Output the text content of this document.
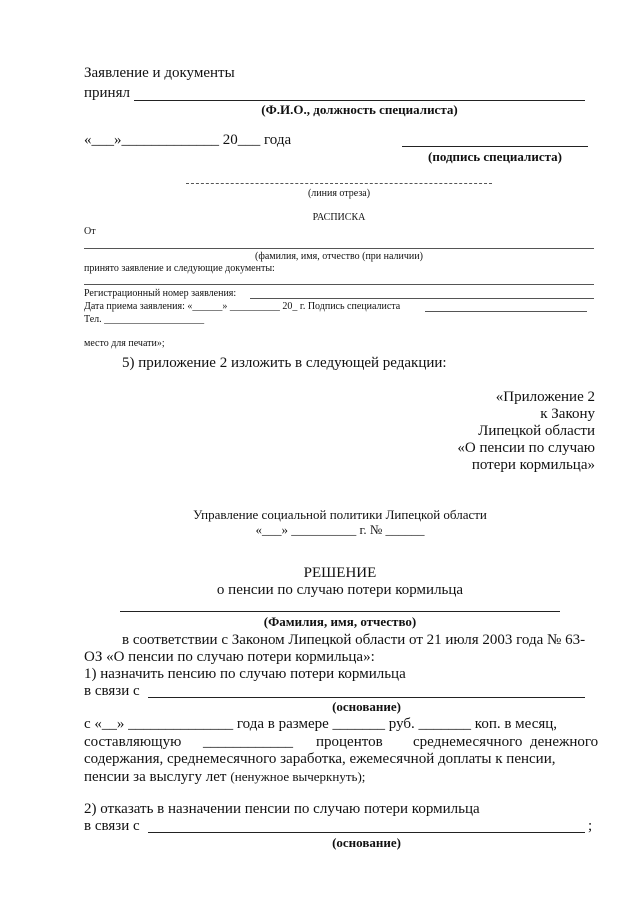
Заявление и документы
принял
(Ф.И.О., должность специалиста)
«___»_____________ 20___ года
(подпись специалиста)
(линия отреза)
РАСПИСКА
От
(фамилия, имя, отчество (при наличии)
принято заявление и следующие документы:
Регистрационный номер заявления:
Дата приема заявления: «______» __________ 20_ г. Подпись специалиста
Тел. ____________________
место для печати»;
5) приложение 2 изложить в следующей редакции:
«Приложение 2
к Закону
Липецкой области
«О пенсии по случаю
потери кормильца»
Управление социальной политики Липецкой области
«___» __________ г. № ______
РЕШЕНИЕ
о пенсии по случаю потери кормильца
(Фамилия, имя, отчество)
в соответствии с Законом Липецкой области от 21 июля 2003 года № 63-
ОЗ «О пенсии по случаю потери кормильца»:
1) назначить пенсию по случаю потери кормильца
в связи с
(основание)
с «__» ______________ года в размере _______ руб. _______ коп. в месяц,
составляющую ____________ процентов среднемесячного денежного
содержания, среднемесячного заработка, ежемесячной доплаты к пенсии,
пенсии за выслугу лет (ненужное вычеркнуть);
2) отказать в назначении пенсии по случаю потери кормильца
в связи с	;
(основание)
